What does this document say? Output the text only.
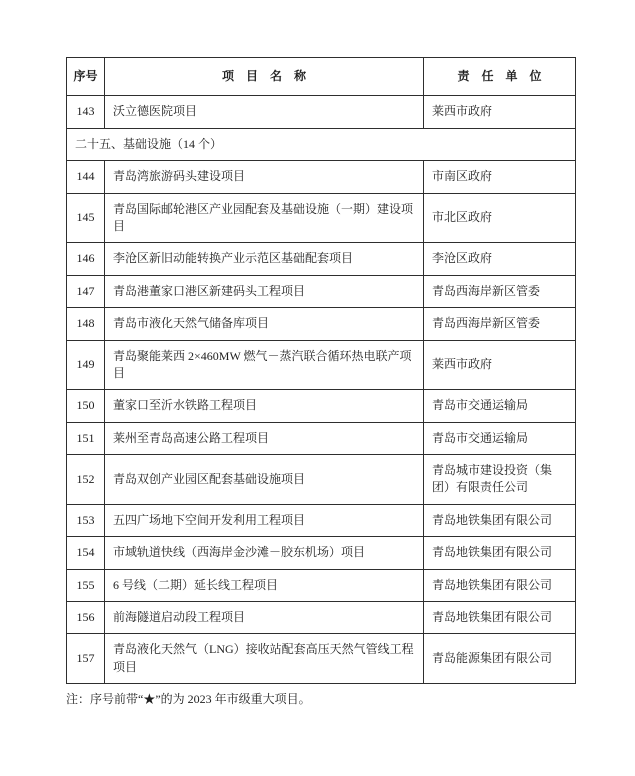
序号	项 目 名 称	责 任 单 位
143	沃立德医院项目	莱西市政府
二十五、基础设施（14 个）		
144	青岛湾旅游码头建设项目	市南区政府
145	青岛国际邮轮港区产业园配套及基础设施（一期）建设项目	市北区政府
146	李沧区新旧动能转换产业示范区基础配套项目	李沧区政府
147	青岛港董家口港区新建码头工程项目	青岛西海岸新区管委
148	青岛市液化天然气储备库项目	青岛西海岸新区管委
149	青岛聚能莱西 2×460MW 燃气－蒸汽联合循环热电联产项目	莱西市政府
150	董家口至沂水铁路工程项目	青岛市交通运输局
151	莱州至青岛高速公路工程项目	青岛市交通运输局
152	青岛双创产业园区配套基础设施项目	青岛城市建设投资（集团）有限责任公司
153	五四广场地下空间开发利用工程项目	青岛地铁集团有限公司
154	市域轨道快线（西海岸金沙滩－胶东机场）项目	青岛地铁集团有限公司
155	6 号线（二期）延长线工程项目	青岛地铁集团有限公司
156	前海隧道启动段工程项目	青岛地铁集团有限公司
157	青岛液化天然气（LNG）接收站配套高压天然气管线工程项目	青岛能源集团有限公司

注：序号前带“★”的为 2023 年市级重大项目。
